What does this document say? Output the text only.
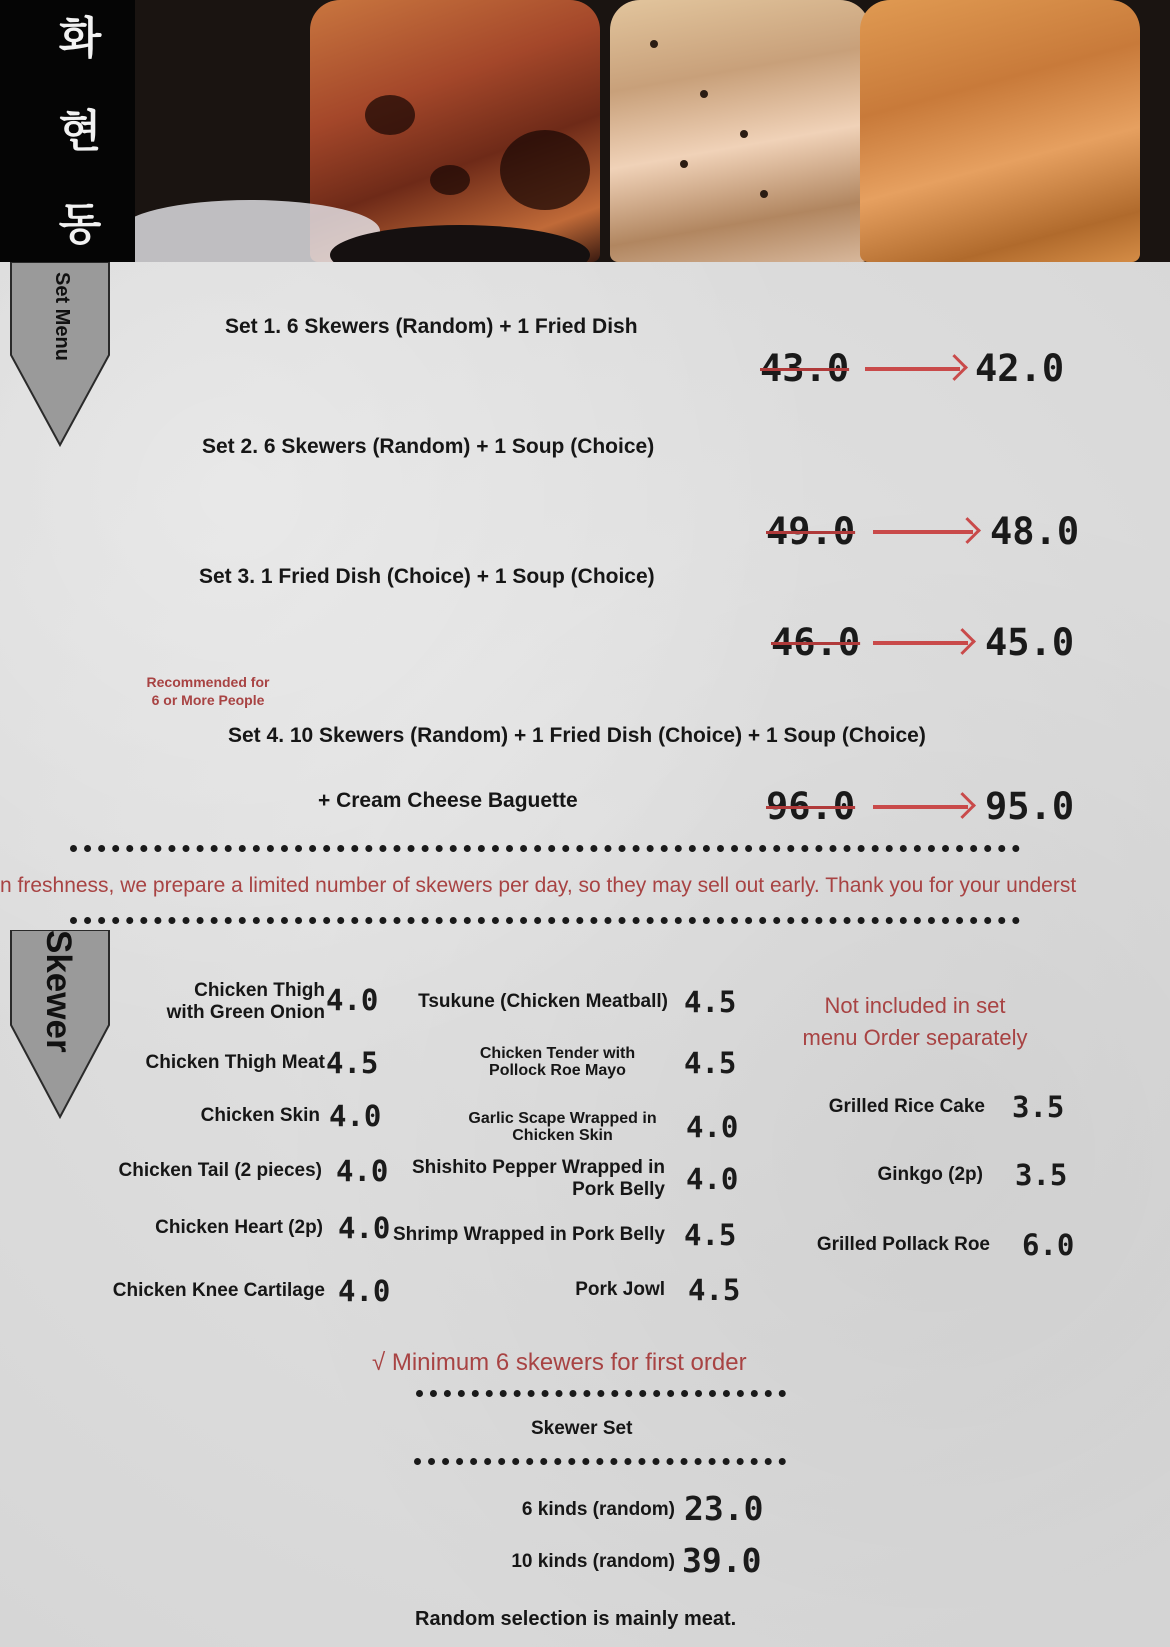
화
현
동
Set Menu	Set 1. 6 Skewers (Random) + 1 Fried Dish
43.0	42.0
Set 2. 6 Skewers (Random) + 1 Soup (Choice)
49.0	48.0
Set 3. 1 Fried Dish (Choice) + 1 Soup (Choice)
46.0	45.0
Recommended for
6 or More People
Set 4. 10 Skewers (Random) + 1 Fried Dish (Choice) + 1 Soup (Choice)
+ Cream Cheese Baguette	96.0	95.0
n freshness, we prepare a limited number of skewers per day, so they may sell out early. Thank you for your underst
Skewer	Chicken Thigh
with Green Onion 4.0
Chicken Thigh Meat 4.5
Chicken Skin 4.0
Chicken Tail (2 pieces) 4.0
Chicken Heart (2p) 4.0
Chicken Knee Cartilage 4.0
Tsukune (Chicken Meatball) 4.5
Chicken Tender with
Pollock Roe Mayo	4.5
Garlic Scape Wrapped in
Chicken Skin	4.0
Shishito Pepper Wrapped in
Pork Belly 4.0
Shrimp Wrapped in Pork Belly 4.5
Pork Jowl 4.5
Not included in set
menu Order separately
Grilled Rice Cake 3.5
Ginkgo (2p) 3.5
Grilled Pollack Roe 6.0
√ Minimum 6 skewers for first order
Skewer Set
6 kinds (random) 23.0
10 kinds (random) 39.0
Random selection is mainly meat.
